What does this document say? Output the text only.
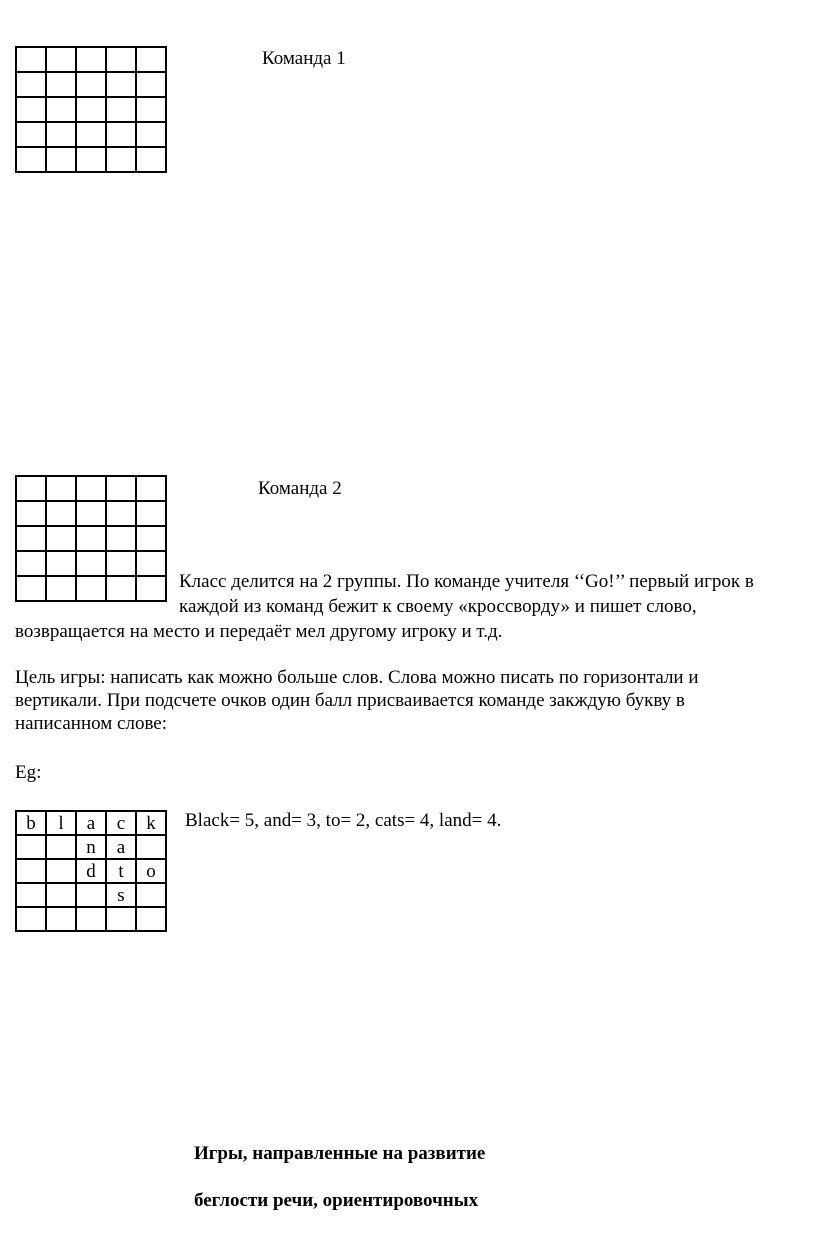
Команда 1

Команда 2
Класс делится на 2 группы. По команде учителя ‘‘Go!’’ первый игрок в
каждой из команд бежит к своему «кроссворду» и пишет слово,
возвращается на место и передаёт мел другому игроку и т.д.
Цель игры: написать как можно больше слов. Слова можно писать по горизонтали и
вертикали. При подсчете очков один балл присваивается команде закждую букву в
написанном слове:
Eg:
b	l	a	c	k
		n	a	
		d	t	o
			s	

Black= 5, and= 3, to= 2, cats= 4, land= 4.
Игры, направленные на развитие
беглости речи, ориентировочных
